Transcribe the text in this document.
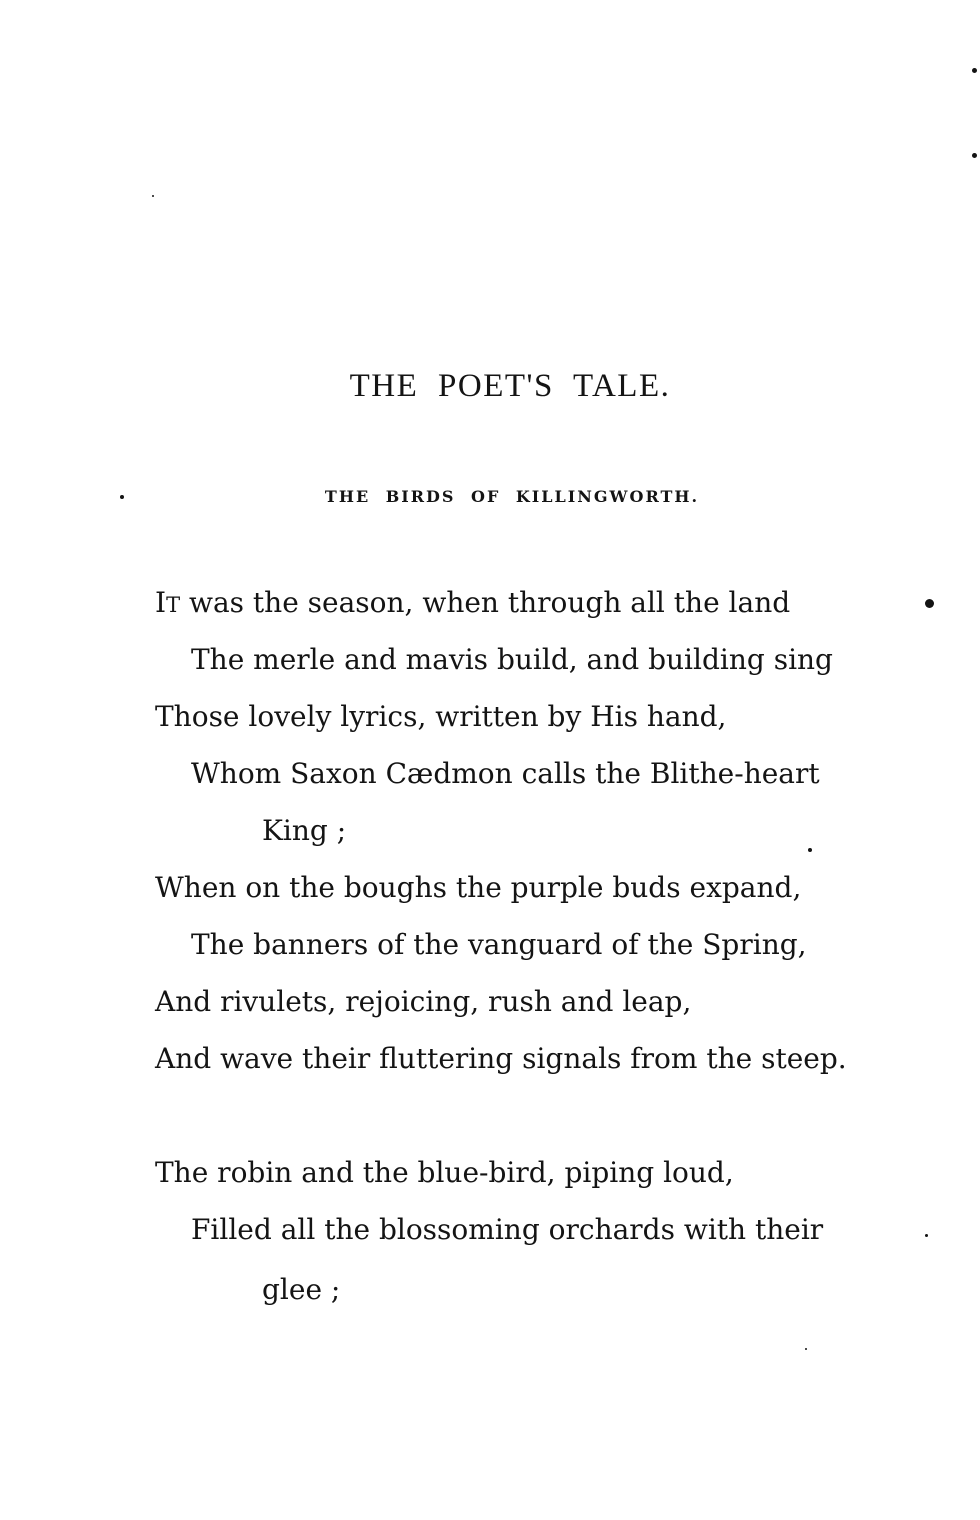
THE POET'S TALE.
THE BIRDS OF KILLINGWORTH.
IT was the season, when through all the land
The merle and mavis build, and building sing
Those lovely lyrics, written by His hand,
Whom Saxon Cædmon calls the Blithe-heart
King ;
When on the boughs the purple buds expand,
The banners of the vanguard of the Spring,
And rivulets, rejoicing, rush and leap,
And wave their fluttering signals from the steep.
The robin and the blue-bird, piping loud,
Filled all the blossoming orchards with their
glee ;
